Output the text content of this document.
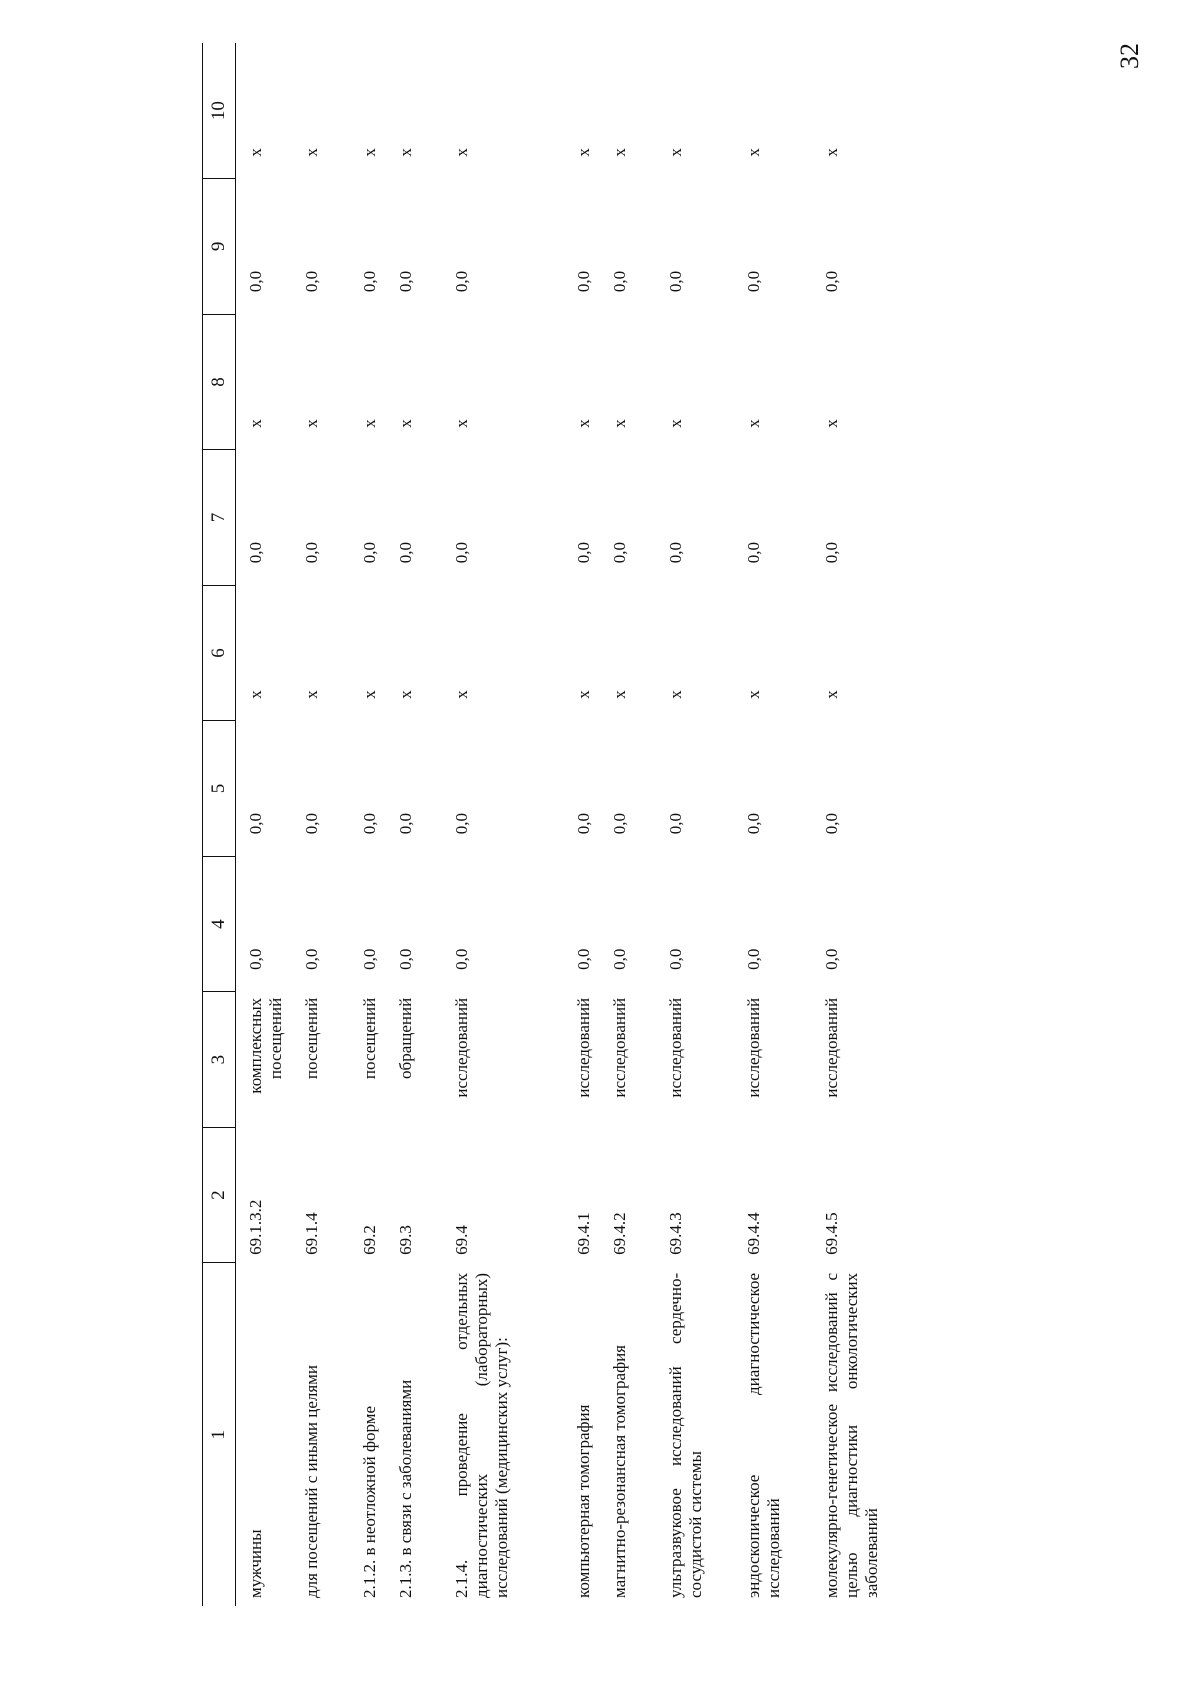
32
1	2	3	4	5	6	7	8	9	10
мужчины	69.1.3.2	комплексных посещений	0,0	0,0	х	0,0	х	0,0	х
для посещений с иными целями	69.1.4	посещений	0,0	0,0	х	0,0	х	0,0	х
2.1.2. в неотложной форме	69.2	посещений	0,0	0,0	х	0,0	х	0,0	х
2.1.3. в связи с заболеваниями	69.3	обращений	0,0	0,0	х	0,0	х	0,0	х
2.1.4. проведение отдельных диагностических (лабораторных) исследований (медицинских услуг):	69.4	исследований	0,0	0,0	х	0,0	х	0,0	х
компьютерная томография	69.4.1	исследований	0,0	0,0	х	0,0	х	0,0	х
магнитно-резонансная томография	69.4.2	исследований	0,0	0,0	х	0,0	х	0,0	х
ультразвуковое исследований сердечно-сосудистой системы	69.4.3	исследований	0,0	0,0	х	0,0	х	0,0	х
эндоскопическое диагностическое исследований	69.4.4	исследований	0,0	0,0	х	0,0	х	0,0	х
молекулярно-генетическое исследований с целью диагностики онкологических заболеваний	69.4.5	исследований	0,0	0,0	х	0,0	х	0,0	х
